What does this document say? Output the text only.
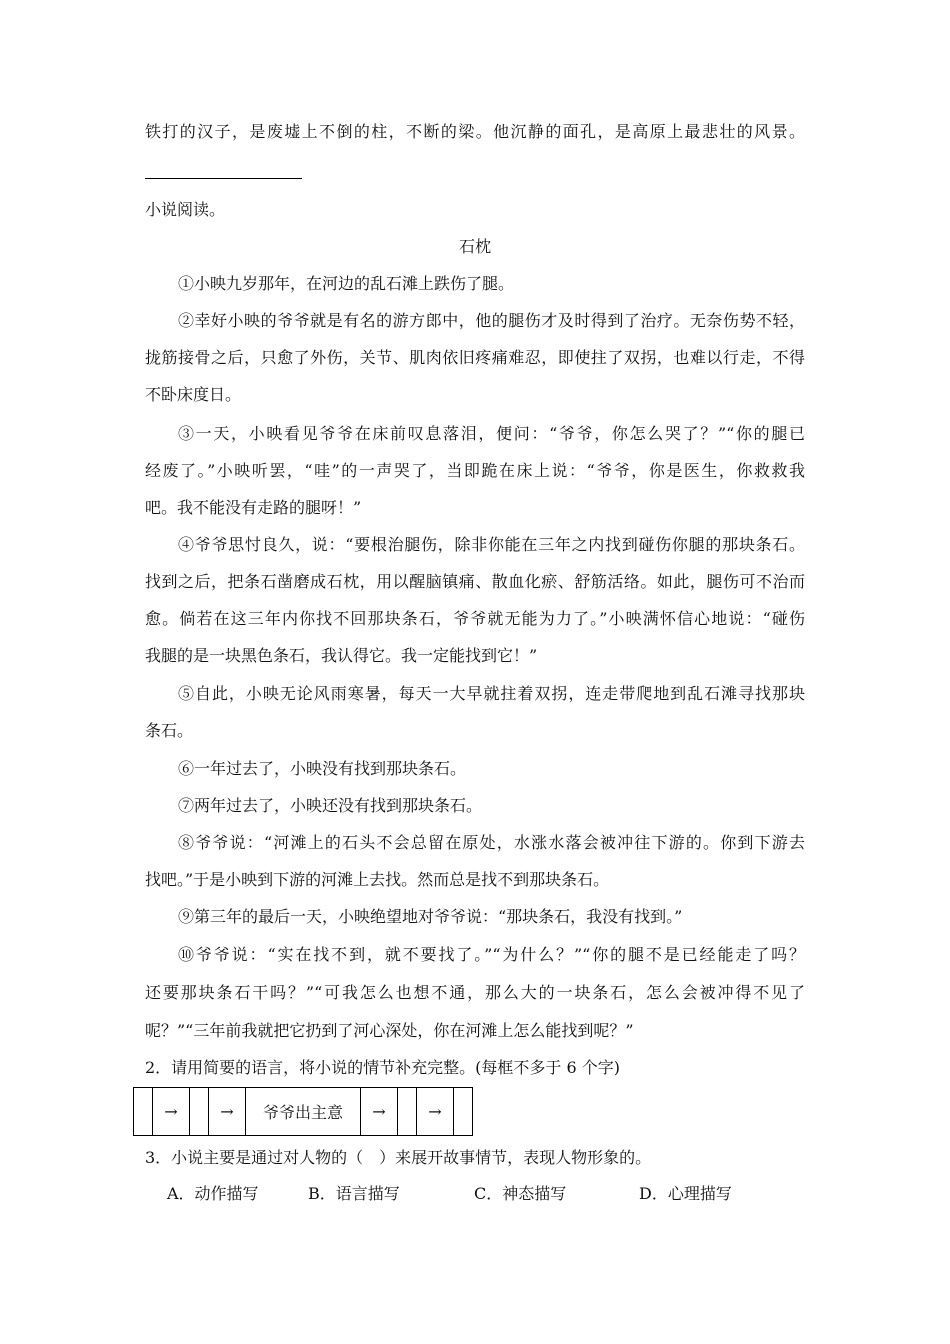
铁打的汉子，是废墟上不倒的柱，不断的梁。他沉静的面孔，是高原上最悲壮的风景。
小说阅读。
石枕
①小映九岁那年，在河边的乱石滩上跌伤了腿。
②幸好小映的爷爷就是有名的游方郎中，他的腿伤才及时得到了治疗。无奈伤势不轻，
拢筋接骨之后，只愈了外伤，关节、肌肉依旧疼痛难忍，即使拄了双拐，也难以行走，不得
不卧床度日。
③一天，小映看见爷爷在床前叹息落泪，便问：“爷爷，你怎么哭了？”“你的腿已
经废了。”小映听罢，“哇”的一声哭了，当即跪在床上说：“爷爷，你是医生，你救救我
吧。我不能没有走路的腿呀！”
④爷爷思忖良久，说：“要根治腿伤，除非你能在三年之内找到碰伤你腿的那块条石。
找到之后，把条石凿磨成石枕，用以醒脑镇痛、散血化瘀、舒筋活络。如此，腿伤可不治而
愈。倘若在这三年内你找不回那块条石，爷爷就无能为力了。”小映满怀信心地说：“碰伤
我腿的是一块黑色条石，我认得它。我一定能找到它！”
⑤自此，小映无论风雨寒暑，每天一大早就拄着双拐，连走带爬地到乱石滩寻找那块
条石。
⑥一年过去了，小映没有找到那块条石。
⑦两年过去了，小映还没有找到那块条石。
⑧爷爷说：“河滩上的石头不会总留在原处，水涨水落会被冲往下游的。你到下游去
找吧。”于是小映到下游的河滩上去找。然而总是找不到那块条石。
⑨第三年的最后一天，小映绝望地对爷爷说：“那块条石，我没有找到。”
⑩爷爷说：“实在找不到，就不要找了。”“为什么？”“你的腿不是已经能走了吗？
还要那块条石干吗？”“可我怎么也想不通，那么大的一块条石，怎么会被冲得不见了
呢？”“三年前我就把它扔到了河心深处，你在河滩上怎么能找到呢？”
2．请用简要的语言，将小说的情节补充完整。(每框不多于 6 个字)
	→		→	爷爷出主意	→		→	
3．小说主要是通过对人物的（　）来展开故事情节，表现人物形象的。
A．动作描写	B．语言描写	C．神态描写	D．心理描写
